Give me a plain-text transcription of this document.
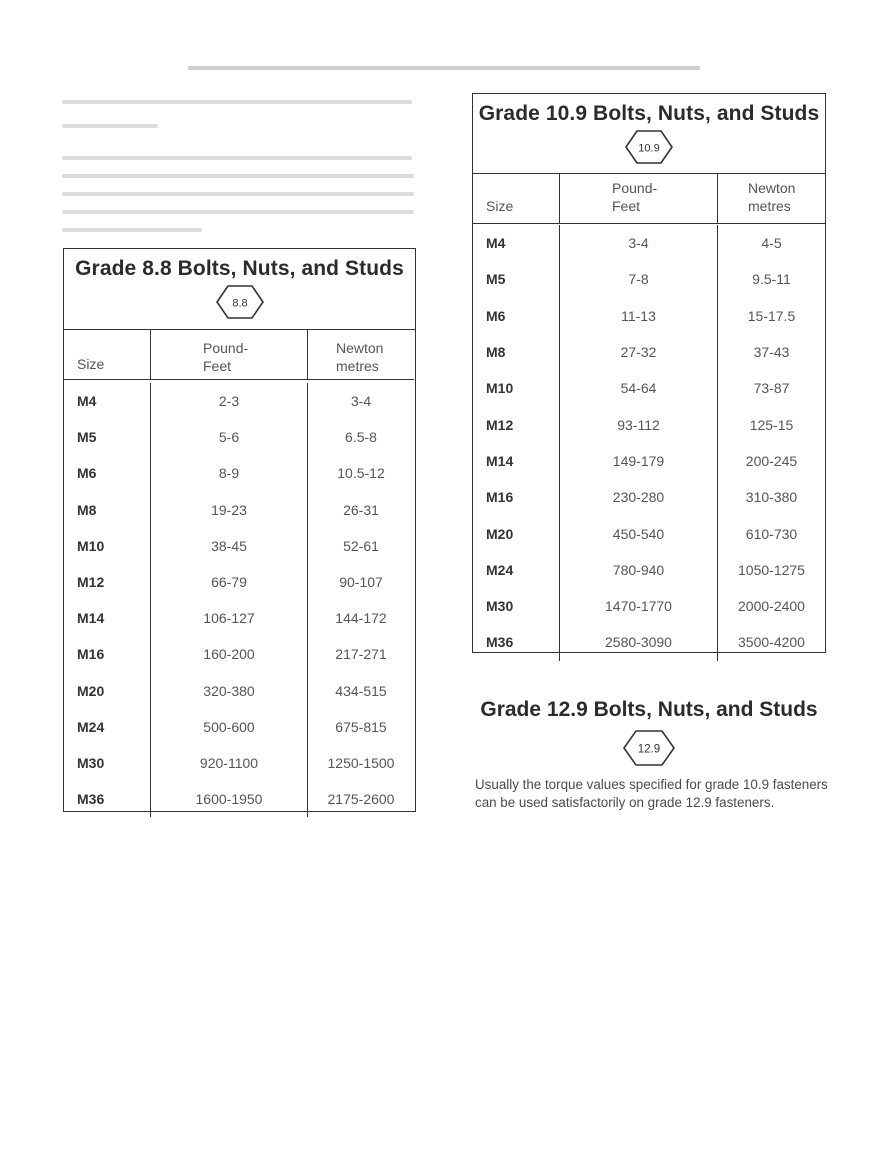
Grade 8.8 Bolts, Nuts, and Studs
8.8
Size
Pound-
Feet
Newton
metres
M4	2-3	3-4
M5	5-6	6.5-8
M6	8-9	10.5-12
M8	19-23	26-31
M10	38-45	52-61
M12	66-79	90-107
M14	106-127	144-172
M16	160-200	217-271
M20	320-380	434-515
M24	500-600	675-815
M30	920-1100	1250-1500
M36	1600-1950	2175-2600
Grade 10.9 Bolts, Nuts, and Studs
10.9
Size
Pound-
Feet
Newton
metres
M4	3-4	4-5
M5	7-8	9.5-11
M6	11-13	15-17.5
M8	27-32	37-43
M10	54-64	73-87
M12	93-112	125-15
M14	149-179	200-245
M16	230-280	310-380
M20	450-540	610-730
M24	780-940	1050-1275
M30	1470-1770	2000-2400
M36	2580-3090	3500-4200
Grade 12.9 Bolts, Nuts, and Studs
12.9
Usually the torque values specified for grade 10.9 fasteners can be used satisfactorily on grade 12.9 fasteners.
